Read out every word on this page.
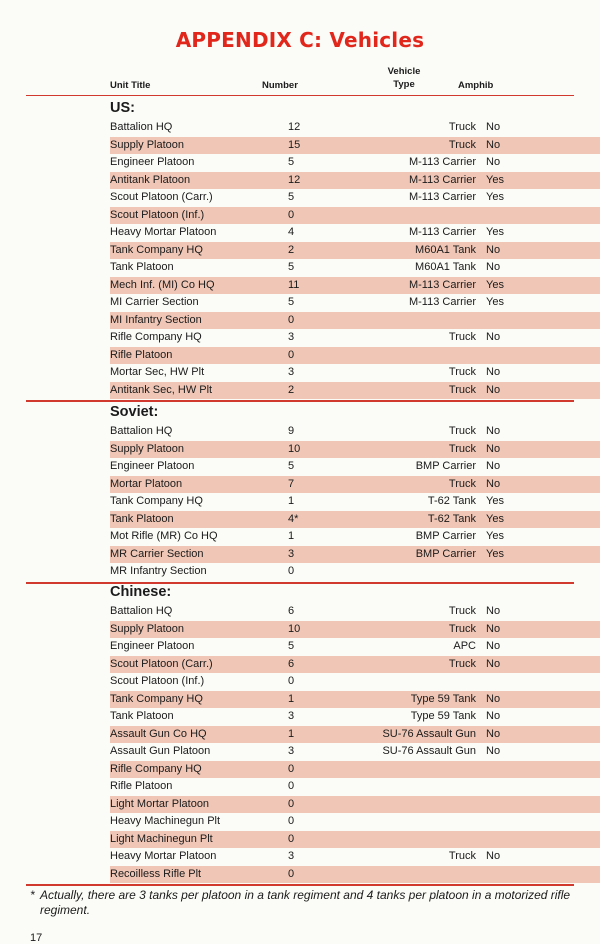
APPENDIX C: Vehicles
Unit Title	Number
Vehicle
Type	Amphib
US:
Battalion HQ	12	Truck No
Supply Platoon	15	Truck No
Engineer Platoon	5	M-113 Carrier No
Antitank Platoon	12	M-113 Carrier Yes
Scout Platoon (Carr.)	5	M-113 Carrier Yes
Scout Platoon (Inf.)	0
Heavy Mortar Platoon	4	M-113 Carrier Yes
Tank Company HQ	2	M60A1 Tank No
Tank Platoon	5	M60A1 Tank No
Mech Inf. (MI) Co HQ	11	M-113 Carrier Yes
MI Carrier Section	5	M-113 Carrier Yes
MI Infantry Section	0
Rifle Company HQ	3	Truck No
Rifle Platoon	0
Mortar Sec, HW Plt	3	Truck No
Antitank Sec, HW Plt	2	Truck No
Soviet:
Battalion HQ	9	Truck No
Supply Platoon	10	Truck No
Engineer Platoon	5	BMP Carrier No
Mortar Platoon	7	Truck No
Tank Company HQ	1	T-62 Tank Yes
Tank Platoon	4*	T-62 Tank Yes
Mot Rifle (MR) Co HQ	1	BMP Carrier Yes
MR Carrier Section	3	BMP Carrier Yes
MR Infantry Section	0
Chinese:
Battalion HQ	6	Truck No
Supply Platoon	10	Truck No
Engineer Platoon	5	APC No
Scout Platoon (Carr.)	6	Truck No
Scout Platoon (Inf.)	0
Tank Company HQ	1	Type 59 Tank No
Tank Platoon	3	Type 59 Tank No
Assault Gun Co HQ	1	SU-76 Assault Gun No
Assault Gun Platoon	3	SU-76 Assault Gun No
Rifle Company HQ	0
Rifle Platoon	0
Light Mortar Platoon	0
Heavy Machinegun Plt	0
Light Machinegun Plt	0
Heavy Mortar Platoon	3	Truck No
Recoilless Rifle Plt	0
* Actually, there are 3 tanks per platoon in a tank regiment and 4 tanks per platoon in a motorized rifle regiment.
17
